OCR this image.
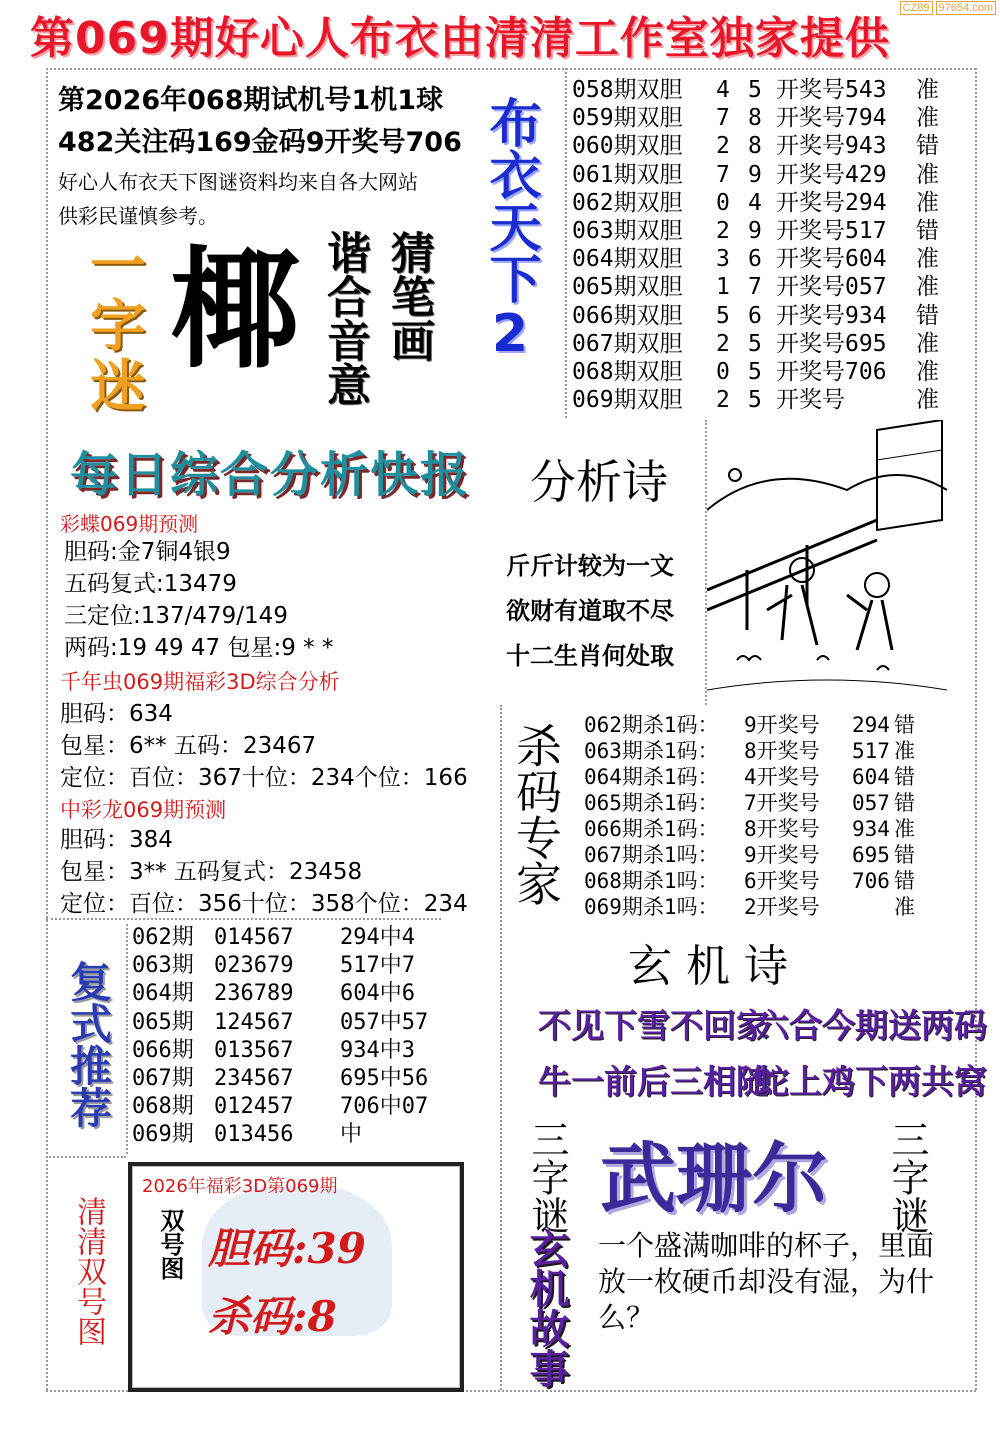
CZ89 97654.com
第069期好心人布衣由清清工作室独家提供
第2026年068期试机号1机1球
482关注码169金码9开奖号706
好心人布衣天下图谜资料均来自各大网站
供彩民谨慎参考。	布衣天下2
一字迷 椰 猜笔画
谐合音意
058期双胆 4 5 开奖号543 准
059期双胆 7 8 开奖号794 准
060期双胆 2 8 开奖号943 错
061期双胆 7 9 开奖号429 准
062期双胆 0 4 开奖号294 准
063期双胆 2 9 开奖号517 错
064期双胆 3 6 开奖号604 准
065期双胆 1 7 开奖号057 准
066期双胆 5 6 开奖号934 错
067期双胆 2 5 开奖号695 准
068期双胆 0 5 开奖号706 准
069期双胆 2 5 开奖号	准
每日综合分析快报 分析诗
斤斤计较为一文
欲财有道取不尽
十二生肖何处取
彩蝶069期预测
胆码:金7铜4银9
五码复式:13479
三定位:137/479/149
两码:19 49 47 包星:9 * *
千年虫069期福彩3D综合分析
胆码：634
包星：6** 五码：23467
定位：百位：367十位：234个位：166
中彩龙069期预测
胆码：384
包星：3** 五码复式：23458
定位：百位：356十位：358个位：234 杀码专家 062期杀1码： 9开奖号 294 错
063期杀1码： 8开奖号 517 准
064期杀1码： 4开奖号 604 错
065期杀1码： 7开奖号 057 错
066期杀1码： 8开奖号 934 准
067期杀1吗： 9开奖号 695 错
068期杀1吗： 6开奖号 706 错
069期杀1吗： 2开奖号	准
复式推荐
062期 014567 294中4
063期 023679 517中7
064期 236789 604中6
065期 124567 057中57
066期 013567 934中3
067期 234567 695中56
068期 012457 706中07
069期 013456 中
玄 机 诗
不见下雪不回家
六合今期送两码
牛一前后三相随
蛇上鸡下两共窝
三字谜 武珊尔 三字谜
玄机故事 一个盛满咖啡的杯子，里面放一枚硬币却没有湿，为什么？
清清双号图
2026年福彩3D第069期
双号图 胆码:39
杀码:8
